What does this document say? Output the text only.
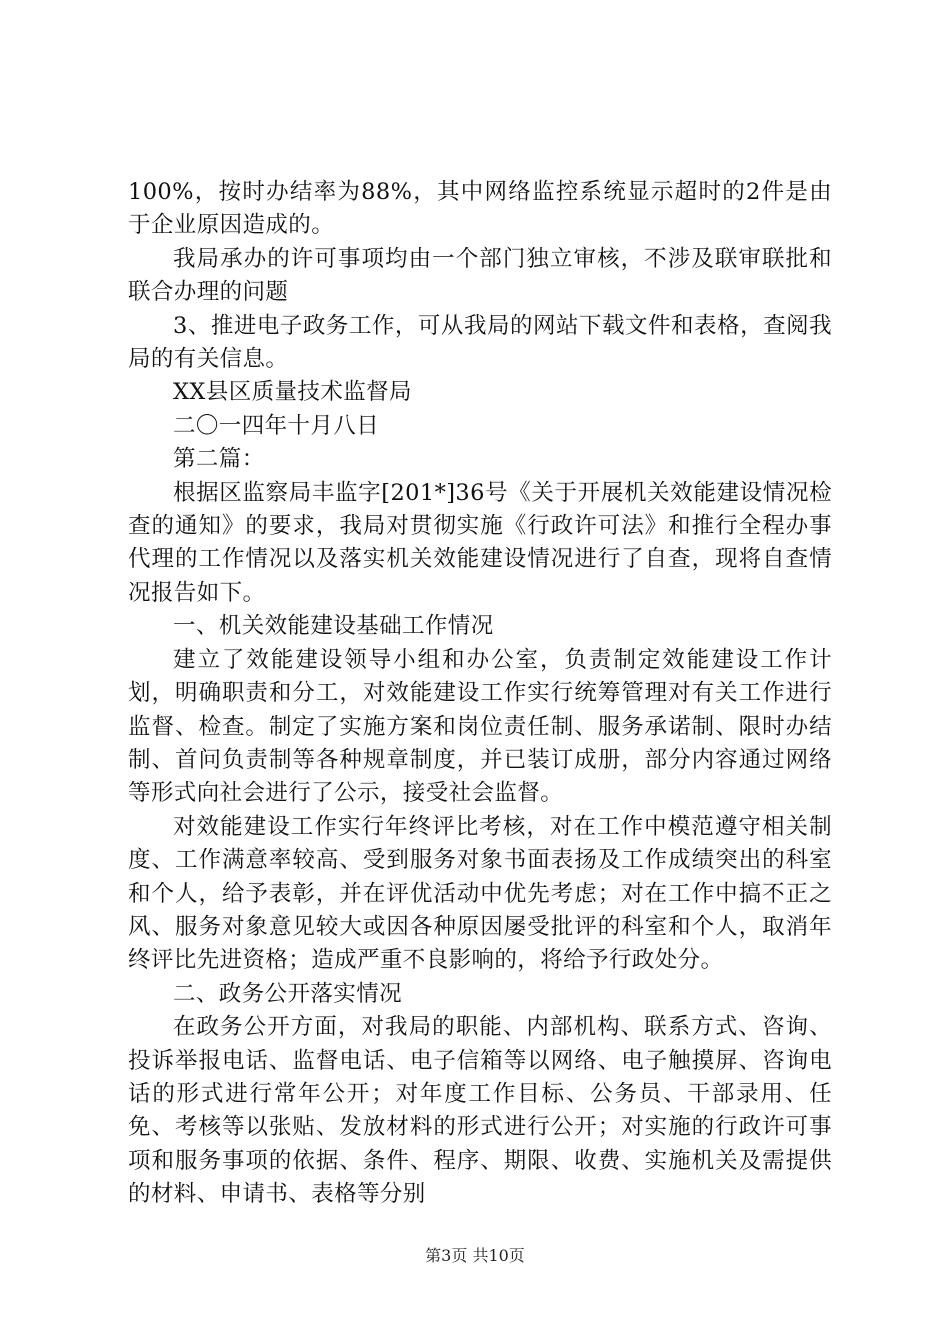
100%，按时办结率为88%，其中网络监控系统显示超时的2件是由于企业原因造成的。

我局承办的许可事项均由一个部门独立审核，不涉及联审联批和联合办理的问题

3、推进电子政务工作，可从我局的网站下载文件和表格，查阅我局的有关信息。

XX县区质量技术监督局

二〇一四年十月八日

第二篇：

根据区监察局丰监字[201*]36号《关于开展机关效能建设情况检查的通知》的要求，我局对贯彻实施《行政许可法》和推行全程办事代理的工作情况以及落实机关效能建设情况进行了自查，现将自查情况报告如下。

一、机关效能建设基础工作情况

建立了效能建设领导小组和办公室，负责制定效能建设工作计划，明确职责和分工，对效能建设工作实行统筹管理对有关工作进行监督、检查。制定了实施方案和岗位责任制、服务承诺制、限时办结制、首问负责制等各种规章制度，并已装订成册，部分内容通过网络等形式向社会进行了公示，接受社会监督。

对效能建设工作实行年终评比考核，对在工作中模范遵守相关制度、工作满意率较高、受到服务对象书面表扬及工作成绩突出的科室和个人，给予表彰，并在评优活动中优先考虑；对在工作中搞不正之风、服务对象意见较大或因各种原因屡受批评的科室和个人，取消年终评比先进资格；造成严重不良影响的，将给予行政处分。

二、政务公开落实情况

在政务公开方面，对我局的职能、内部机构、联系方式、咨询、投诉举报电话、监督电话、电子信箱等以网络、电子触摸屏、咨询电话的形式进行常年公开；对年度工作目标、公务员、干部录用、任免、考核等以张贴、发放材料的形式进行公开；对实施的行政许可事项和服务事项的依据、条件、程序、期限、收费、实施机关及需提供的材料、申请书、表格等分别

第3页 共10页
